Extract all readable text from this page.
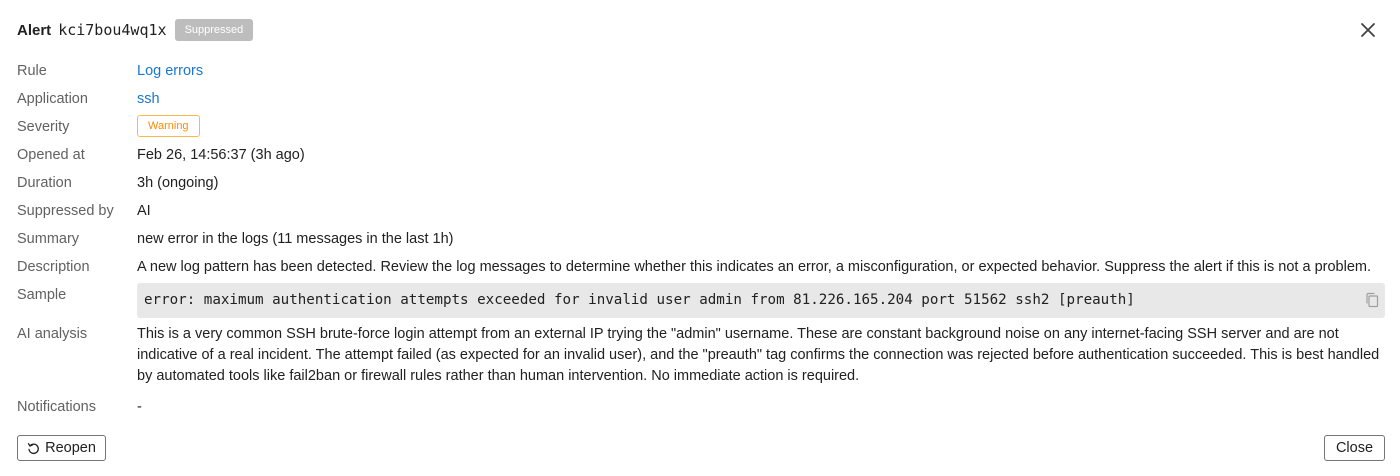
Alert kci7bou4wq1x	Suppressed
Rule	Log errors
Application	ssh
Severity	Warning
Opened at	Feb 26, 14:56:37 (3h ago)
Duration	3h (ongoing)
Suppressed by	AI
Summary	new error in the logs (11 messages in the last 1h)
Description	A new log pattern has been detected. Review the log messages to determine whether this indicates an error, a misconfiguration, or expected behavior. Suppress the alert if this is not a problem.
Sample	error: maximum authentication attempts exceeded for invalid user admin from 81.226.165.204 port 51562 ssh2 [preauth]
AI analysis	This is a very common SSH brute-force login attempt from an external IP trying the "admin" username. These are constant background noise on any internet-facing SSH server and are not indicative of a real incident. The attempt failed (as expected for an invalid user), and the "preauth" tag confirms the connection was rejected before authentication succeeded. This is best handled by automated tools like fail2ban or firewall rules rather than human intervention. No immediate action is required.
Notifications	-
Reopen	Close
